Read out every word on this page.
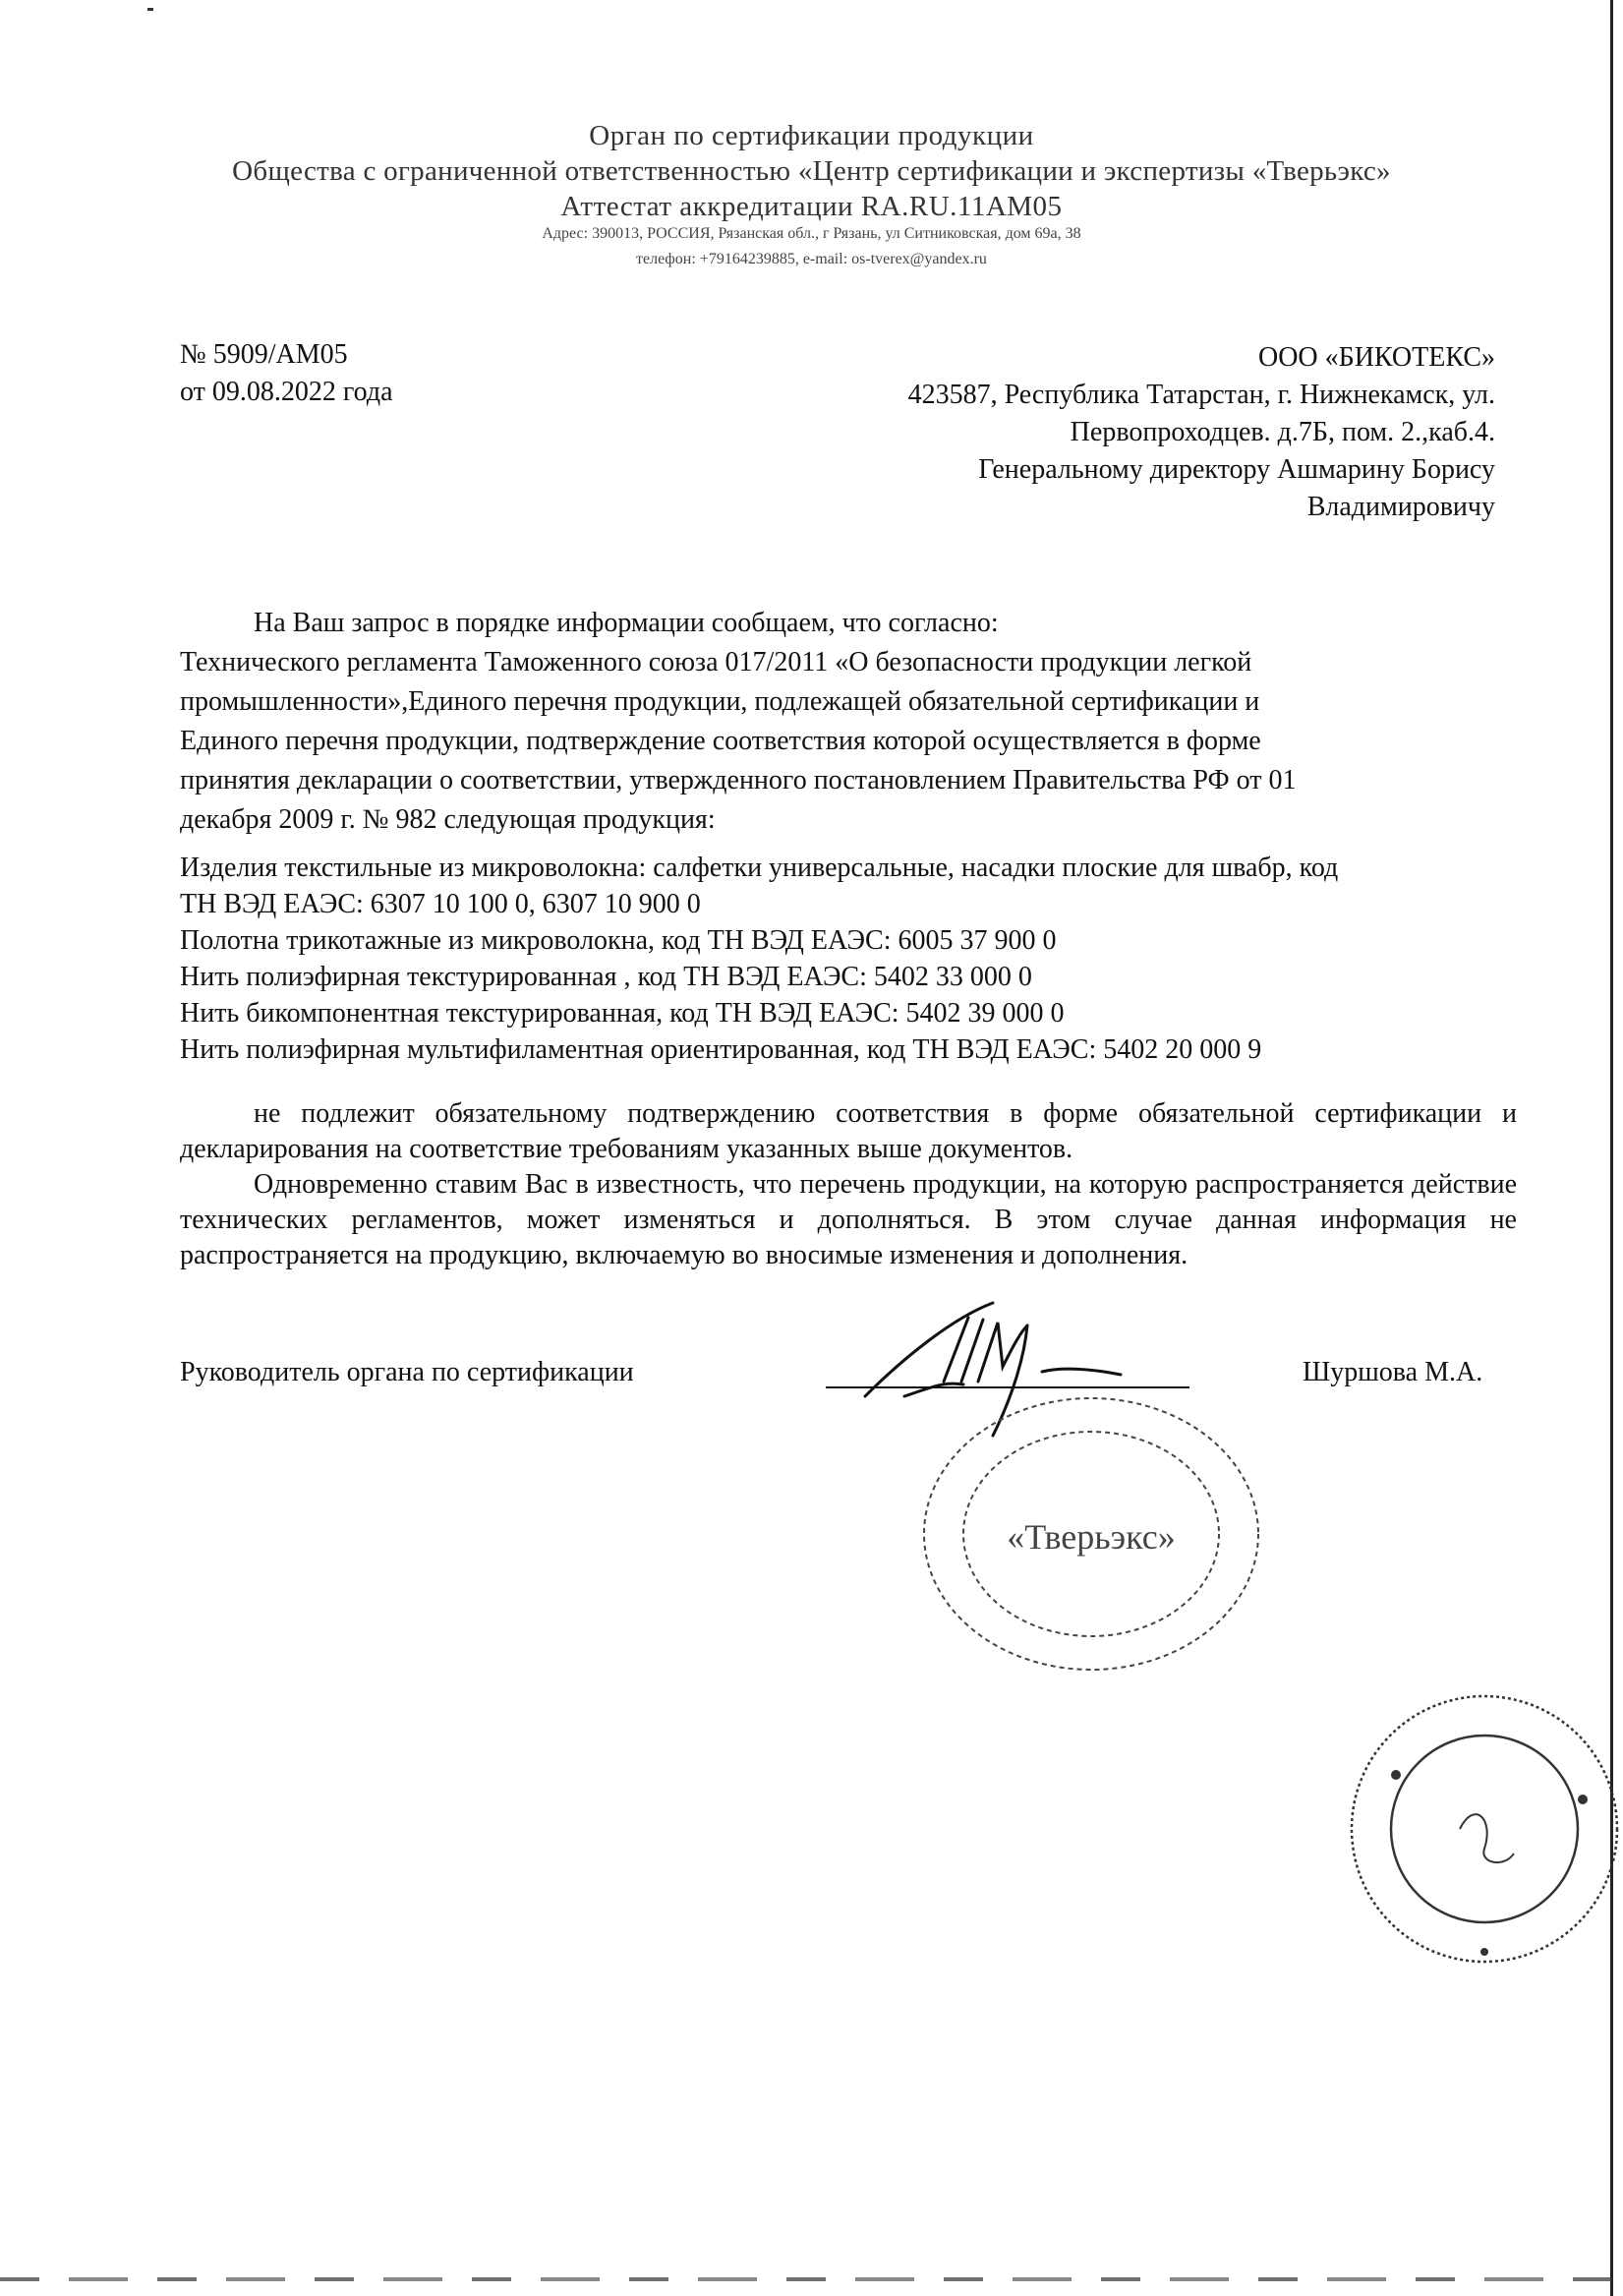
Орган по сертификации продукции
Общества с ограниченной ответственностью «Центр сертификации и экспертизы «Тверьэкс»
Аттестат аккредитации RA.RU.11АМ05
Адрес: 390013, РОССИЯ, Рязанская обл., г Рязань, ул Ситниковская, дом 69а, 38
телефон: +79164239885, e-mail: os-tverex@yandex.ru
№ 5909/АМ05
от 09.08.2022 года
ООО «БИКОТЕКС»
423587, Республика Татарстан, г. Нижнекамск, ул.
Первопроходцев. д.7Б, пом. 2.,каб.4.
Генеральному директору Ашмарину Борису
Владимировичу
На Ваш запрос в порядке информации сообщаем, что согласно:
Технического регламента Таможенного союза 017/2011 «О безопасности продукции легкой
промышленности»,Единого перечня продукции, подлежащей обязательной сертификации и
Единого перечня продукции, подтверждение соответствия которой осуществляется в форме
принятия декларации о соответствии, утвержденного постановлением Правительства РФ от 01
декабря 2009 г. № 982 следующая продукция:
Изделия текстильные из микроволокна: салфетки универсальные, насадки плоские для швабр, код
ТН ВЭД ЕАЭС: 6307 10 100 0, 6307 10 900 0
Полотна трикотажные из микроволокна, код ТН ВЭД ЕАЭС: 6005 37 900 0
Нить полиэфирная текстурированная , код ТН ВЭД ЕАЭС: 5402 33 000 0
Нить бикомпонентная текстурированная, код ТН ВЭД ЕАЭС: 5402 39 000 0
Нить полиэфирная мультифиламентная ориентированная, код ТН ВЭД ЕАЭС: 5402 20 000 9

не подлежит обязательному подтверждению соответствия в форме обязательной сертификации и декларирования на соответствие требованиям указанных выше документов.

Одновременно ставим Вас в известность, что перечень продукции, на которую распространяется действие технических регламентов, может изменяться и дополняться. В этом случае данная информация не распространяется на продукцию, включаемую во вносимые изменения и дополнения.

Руководитель органа по сертификации	Шуршова М.А.
«Тверьэкс»
